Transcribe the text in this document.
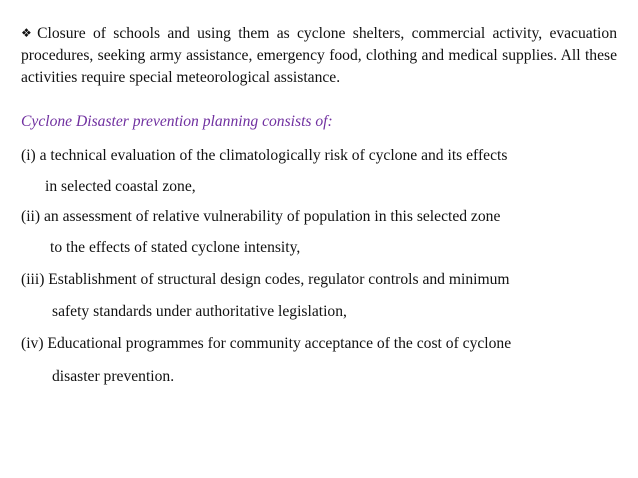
❖ Closure of schools and using them as cyclone shelters, commercial activity, evacuation procedures, seeking army assistance, emergency food, clothing and medical supplies. All these activities require special meteorological assistance.

Cyclone Disaster prevention planning consists of:

(i) a technical evaluation of the climatologically risk of cyclone and its effects

in selected coastal zone,

(ii) an assessment of relative vulnerability of population in this selected zone

to the effects of stated cyclone intensity,

(iii) Establishment of structural design codes, regulator controls and minimum

safety standards under authoritative legislation,

(iv) Educational programmes for community acceptance of the cost of cyclone

disaster prevention.
